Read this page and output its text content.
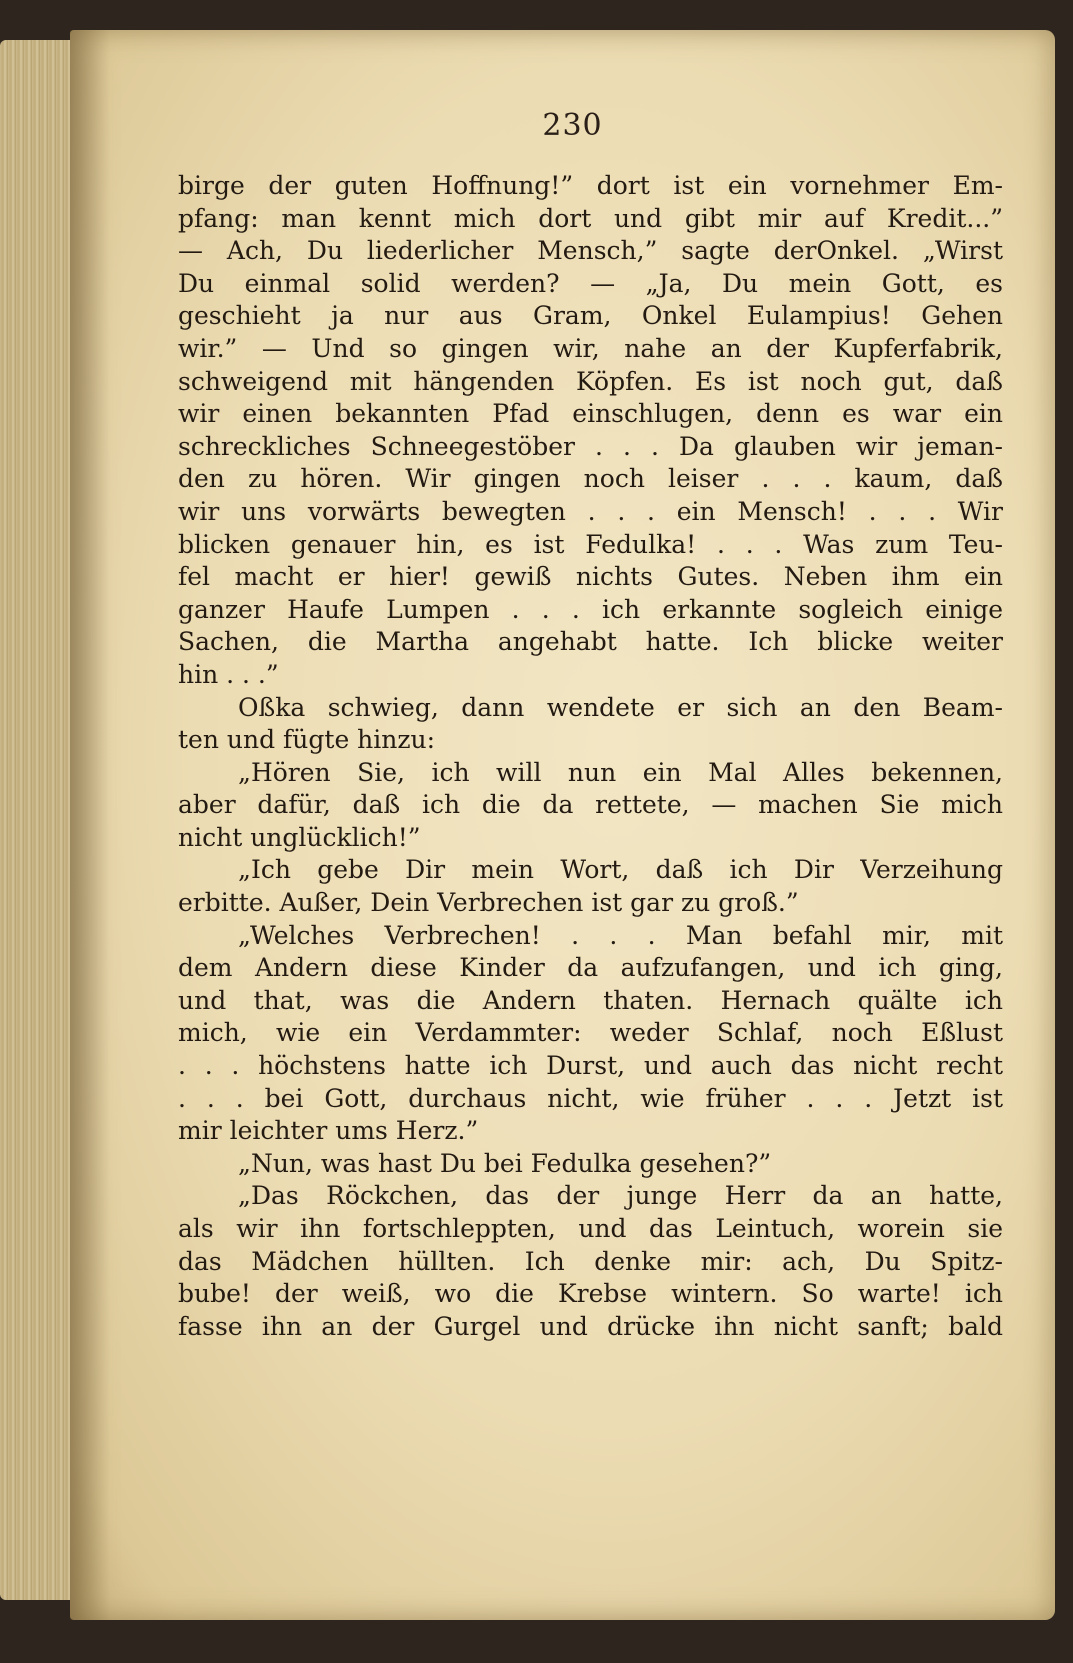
230
birge der guten Hoffnung!” dort ist ein vornehmer Em-
pfang: man kennt mich dort und gibt mir auf Kredit...”
— Ach, Du liederlicher Mensch,” sagte derOnkel. „Wirst
Du einmal solid werden? — „Ja, Du mein Gott, es
geschieht ja nur aus Gram, Onkel Eulampius! Gehen
wir.” — Und so gingen wir, nahe an der Kupferfabrik,
schweigend mit hängenden Köpfen. Es ist noch gut, daß
wir einen bekannten Pfad einschlugen, denn es war ein
schreckliches Schneegestöber . . . Da glauben wir jeman-
den zu hören. Wir gingen noch leiser . . . kaum, daß
wir uns vorwärts bewegten . . . ein Mensch! . . . Wir
blicken genauer hin, es ist Fedulka! . . . Was zum Teu-
fel macht er hier! gewiß nichts Gutes. Neben ihm ein
ganzer Haufe Lumpen . . . ich erkannte sogleich einige
Sachen, die Martha angehabt hatte. Ich blicke weiter
hin . . .”
Oßka schwieg, dann wendete er sich an den Beam-
ten und fügte hinzu:
„Hören Sie, ich will nun ein Mal Alles bekennen,
aber dafür, daß ich die da rettete, — machen Sie mich
nicht unglücklich!”
„Ich gebe Dir mein Wort, daß ich Dir Verzeihung
erbitte. Außer, Dein Verbrechen ist gar zu groß.”
„Welches Verbrechen! . . . Man befahl mir, mit
dem Andern diese Kinder da aufzufangen, und ich ging,
und that, was die Andern thaten. Hernach quälte ich
mich, wie ein Verdammter: weder Schlaf, noch Eßlust
. . . höchstens hatte ich Durst, und auch das nicht recht
. . . bei Gott, durchaus nicht, wie früher . . . Jetzt ist
mir leichter ums Herz.”
„Nun, was hast Du bei Fedulka gesehen?”
„Das Röckchen, das der junge Herr da an hatte,
als wir ihn fortschleppten, und das Leintuch, worein sie
das Mädchen hüllten. Ich denke mir: ach, Du Spitz-
bube! der weiß, wo die Krebse wintern. So warte! ich
fasse ihn an der Gurgel und drücke ihn nicht sanft; bald
